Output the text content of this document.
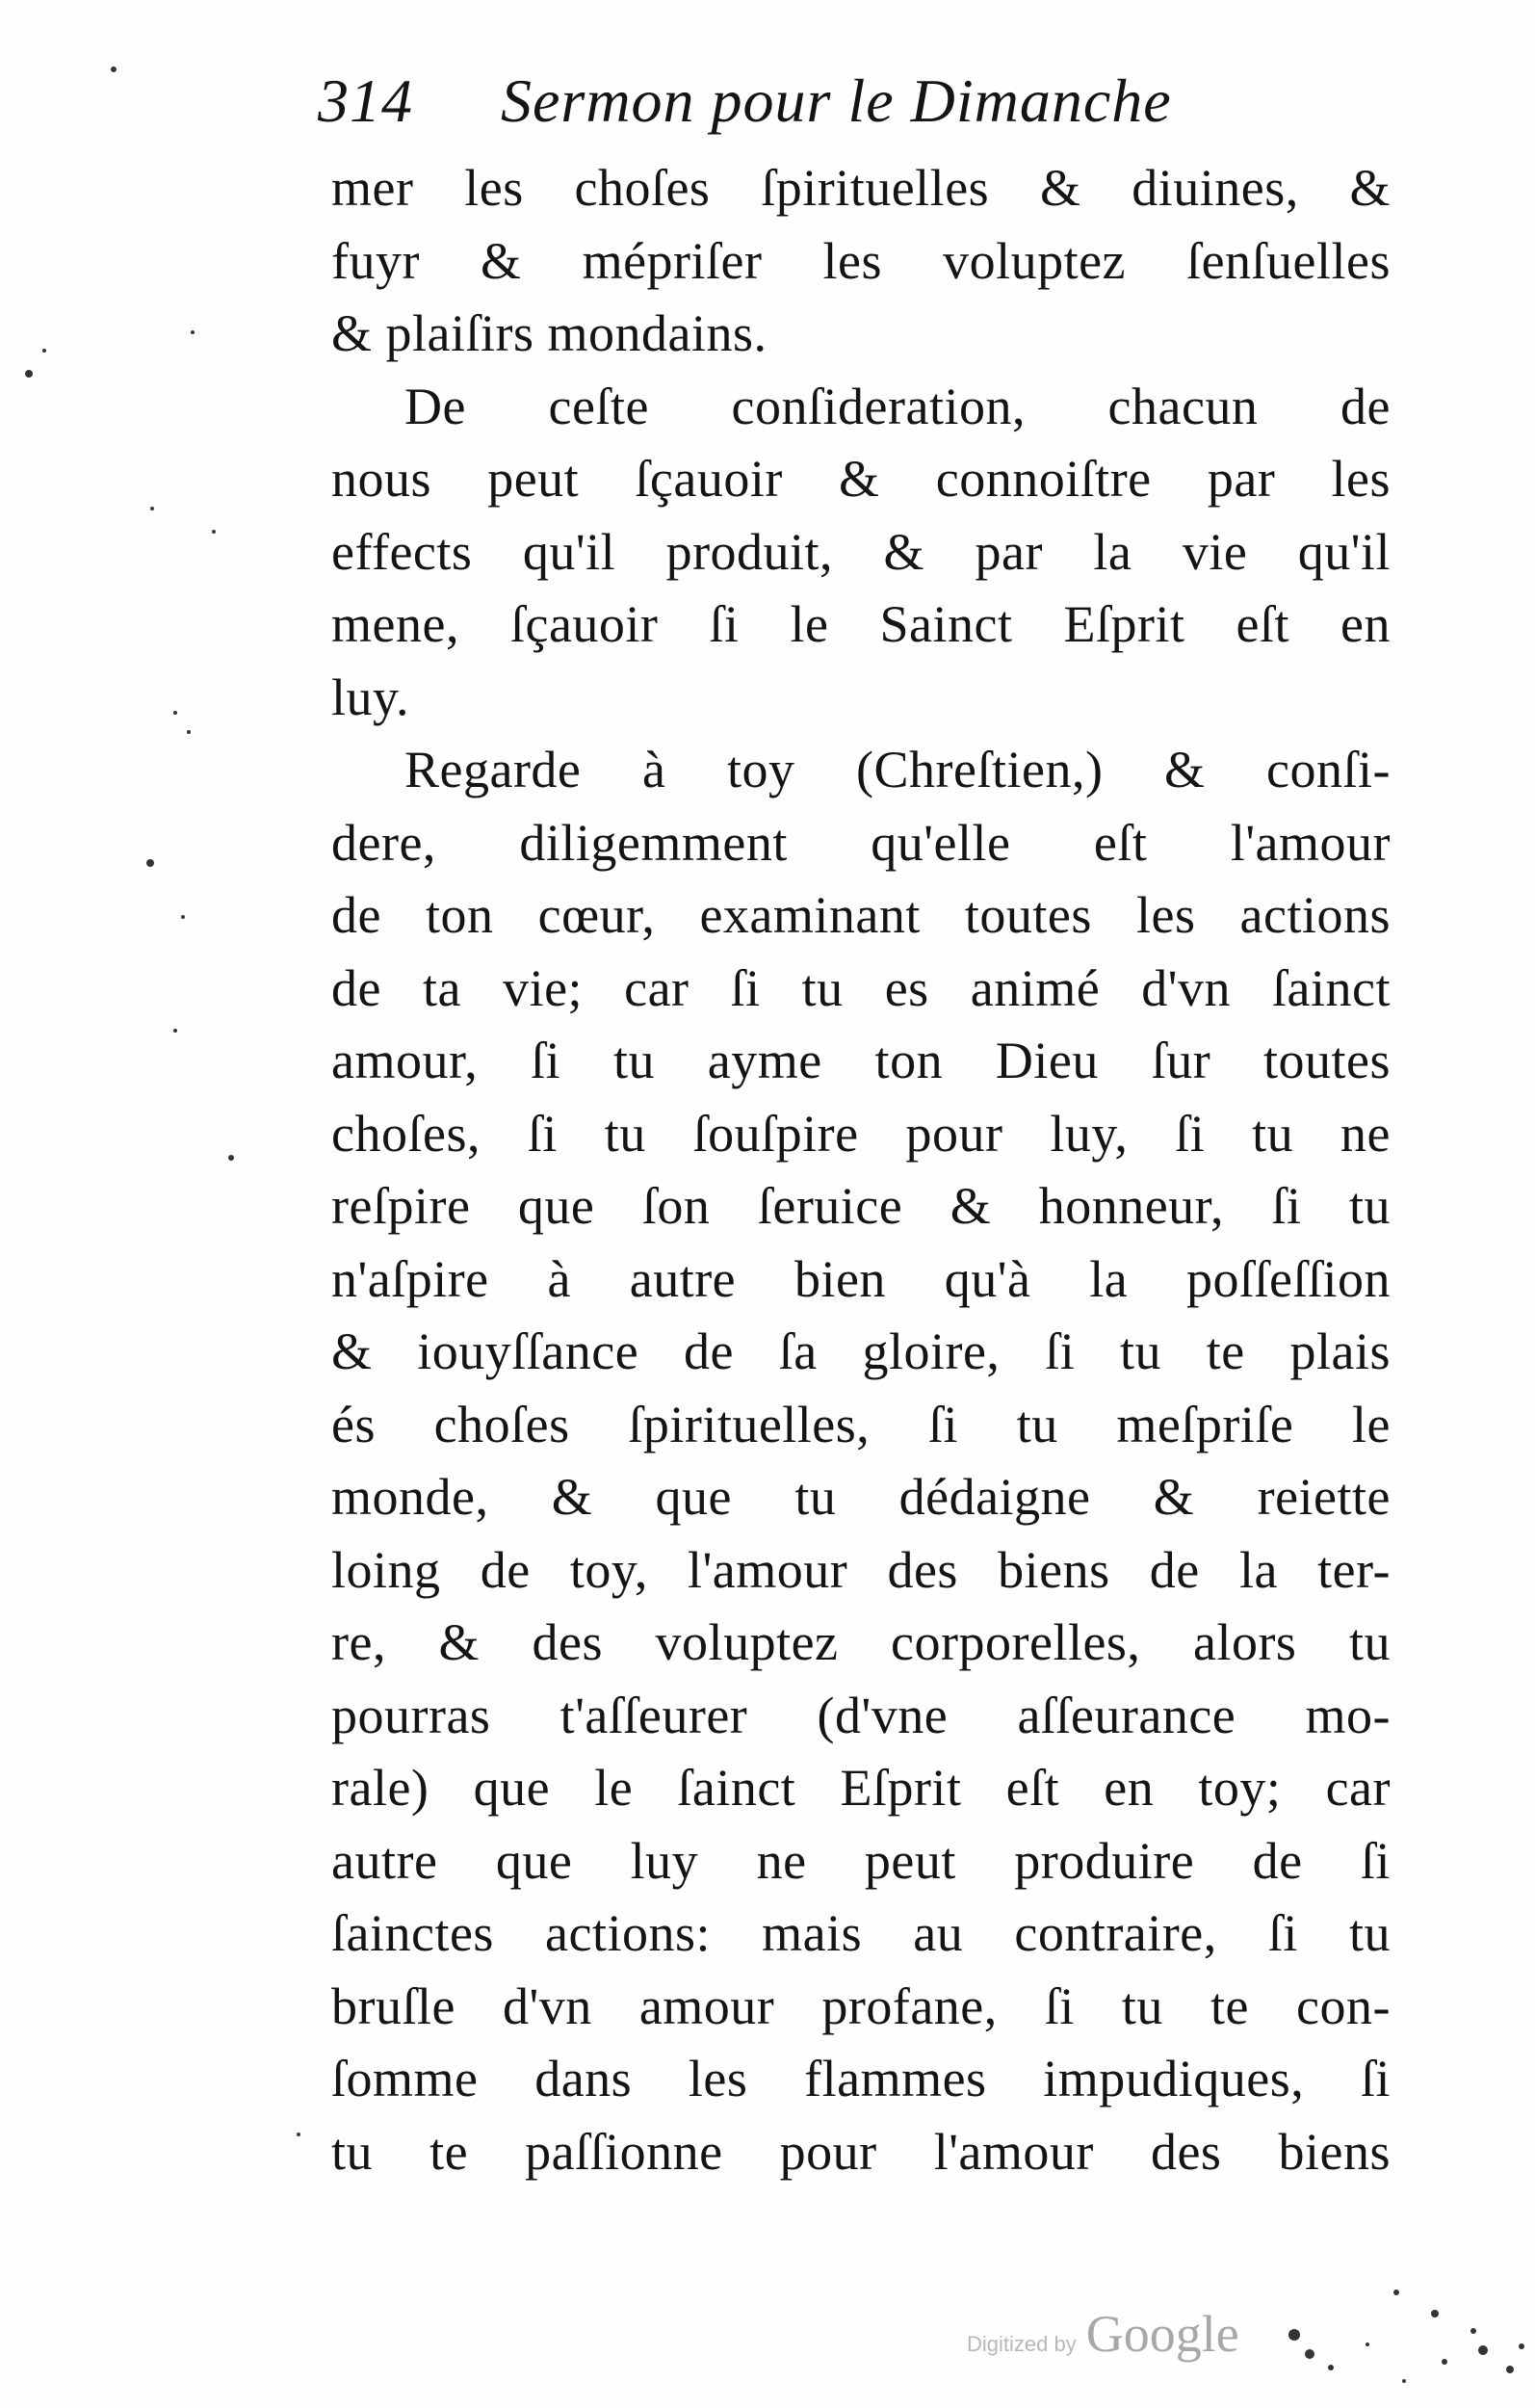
314 Sermon pour le Dimanche
mer les choſes ſpirituelles & diuines, &
fuyr & mépriſer les voluptez ſenſuelles
& plaiſirs mondains.
De ceſte conſideration, chacun de
nous peut ſçauoir & connoiſtre par les
effects qu'il produit, & par la vie qu'il
mene, ſçauoir ſi le Sainct Eſprit eſt en
luy.
Regarde à toy (Chreſtien,) & conſi-
dere, diligemment qu'elle eſt l'amour
de ton cœur, examinant toutes les actions
de ta vie; car ſi tu es animé d'vn ſainct
amour, ſi tu ayme ton Dieu ſur toutes
choſes, ſi tu ſouſpire pour luy, ſi tu ne
reſpire que ſon ſeruice & honneur, ſi tu
n'aſpire à autre bien qu'à la poſſeſſion
& iouyſſance de ſa gloire, ſi tu te plais
és choſes ſpirituelles, ſi tu meſpriſe le
monde, & que tu dédaigne & reiette
loing de toy, l'amour des biens de la ter-
re, & des voluptez corporelles, alors tu
pourras t'aſſeurer (d'vne aſſeurance mo-
rale) que le ſainct Eſprit eſt en toy; car
autre que luy ne peut produire de ſi
ſainctes actions: mais au contraire, ſi tu
bruſle d'vn amour profane, ſi tu te con-
ſomme dans les flammes impudiques, ſi
tu te paſſionne pour l'amour des biens
Digitized by Google
